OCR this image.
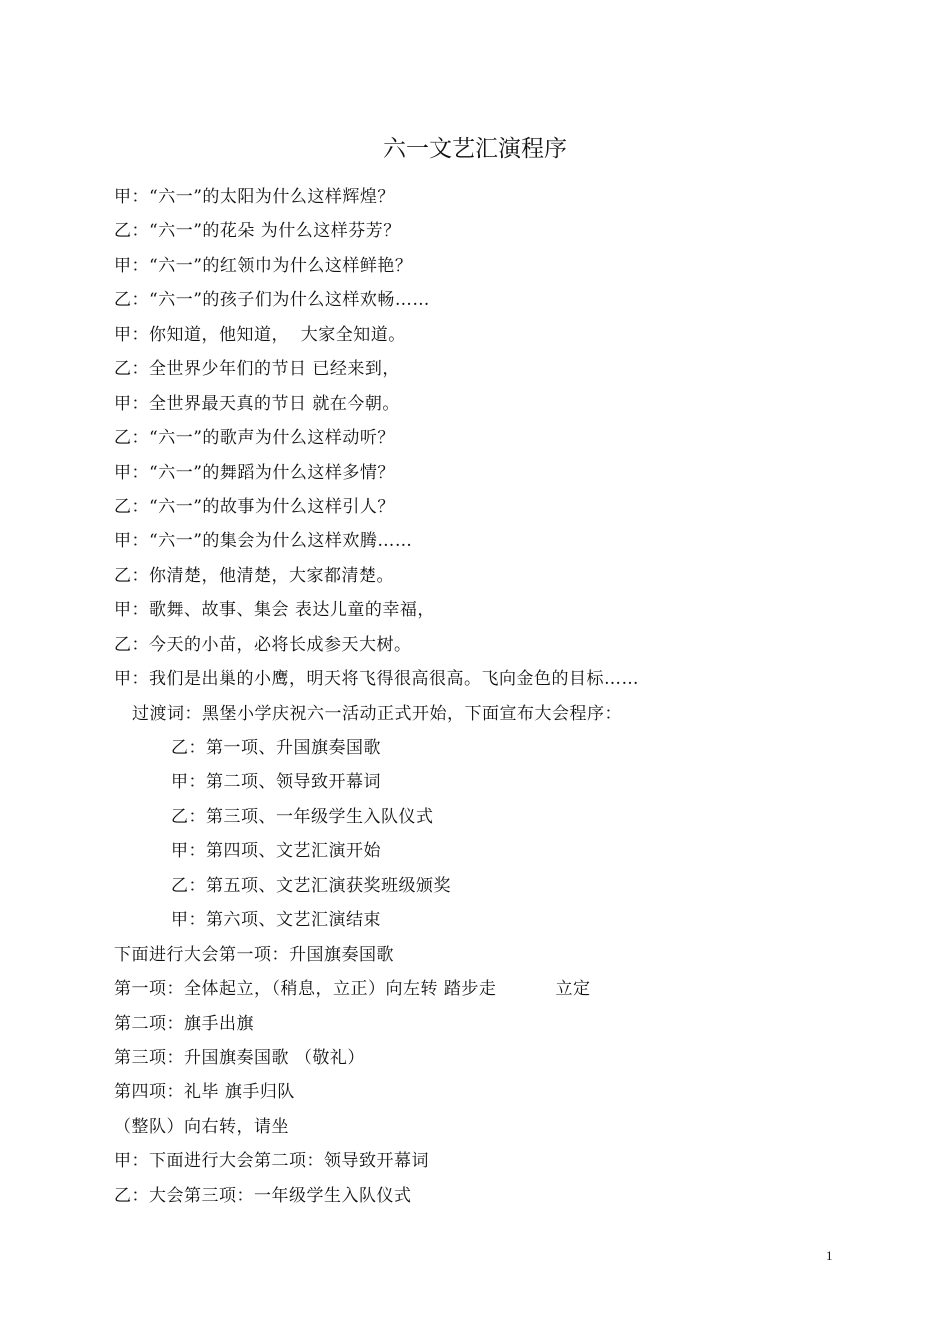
六一文艺汇演程序
甲：“六一”的太阳为什么这样辉煌？
乙：“六一”的花朵 为什么这样芬芳？
甲：“六一”的红领巾为什么这样鲜艳？
乙：“六一”的孩子们为什么这样欢畅……
甲：你知道，他知道，  大家全知道。
乙：全世界少年们的节日 已经来到，
甲：全世界最天真的节日 就在今朝。
乙：“六一”的歌声为什么这样动听？
甲：“六一”的舞蹈为什么这样多情？
乙：“六一”的故事为什么这样引人？
甲：“六一”的集会为什么这样欢腾……
乙：你清楚，他清楚，大家都清楚。
甲：歌舞、故事、集会 表达儿童的幸福，
乙：今天的小苗，必将长成参天大树。
甲：我们是出巢的小鹰，明天将飞得很高很高。飞向金色的目标……
过渡词：黑堡小学庆祝六一活动正式开始，下面宣布大会程序：
乙：第一项、升国旗奏国歌
甲：第二项、领导致开幕词
乙：第三项、一年级学生入队仪式
甲：第四项、文艺汇演开始
乙：第五项、文艺汇演获奖班级颁奖
甲：第六项、文艺汇演结束
下面进行大会第一项：升国旗奏国歌
第一项：全体起立，（稍息，立正）向左转 踏步走          立定
第二项：旗手出旗
第三项：升国旗奏国歌 （敬礼）
第四项：礼毕 旗手归队
（整队）向右转，请坐
甲：下面进行大会第二项：领导致开幕词
乙：大会第三项：一年级学生入队仪式
1
